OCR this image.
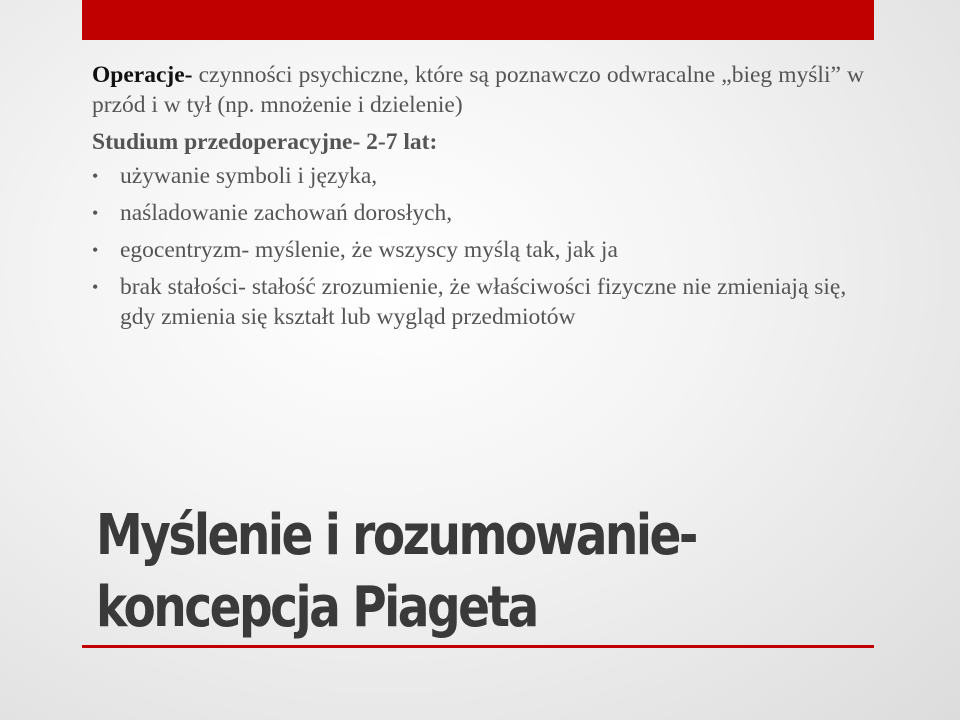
Operacje- czynności psychiczne, które są poznawczo odwracalne „bieg myśli” w przód i w tył (np. mnożenie i dzielenie)

Studium przedoperacyjne- 2-7 lat:

• używanie symboli i języka,
• naśladowanie zachowań dorosłych,
• egocentryzm- myślenie, że wszyscy myślą tak, jak ja
• brak stałości- stałość zrozumienie, że właściwości fizyczne nie zmieniają się, gdy zmienia się kształt lub wygląd przedmiotów
Myślenie i rozumowanie-
koncepcja Piageta
